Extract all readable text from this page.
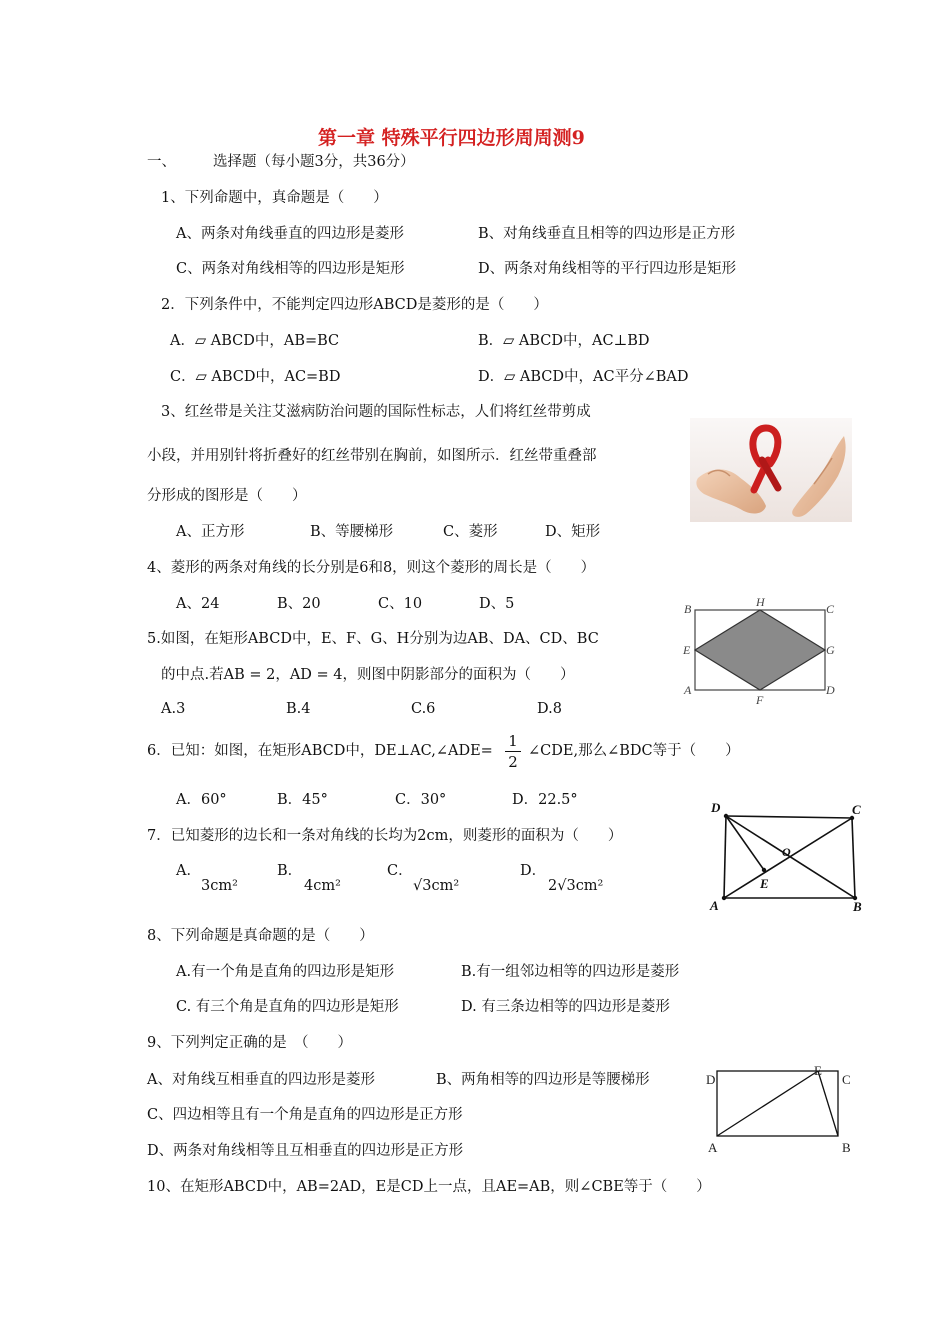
第一章 特殊平行四边形周周测9
一、	选择题（每小题3分，共36分）
1、下列命题中，真命题是（　　）
A、两条对角线垂直的四边形是菱形	B、对角线垂直且相等的四边形是正方形
C、两条对角线相等的四边形是矩形	D、两条对角线相等的平行四边形是矩形
2．下列条件中，不能判定四边形ABCD是菱形的是（　　）
A．▱ ABCD中，AB=BC	B．▱ ABCD中，AC⊥BD
C．▱ ABCD中，AC=BD	D．▱ ABCD中，AC平分∠BAD
3、红丝带是关注艾滋病防治问题的国际性标志，人们将红丝带剪成
小段，并用别针将折叠好的红丝带别在胸前，如图所示．红丝带重叠部
分形成的图形是（　　）
A、正方形	B、等腰梯形	C、菱形	D、矩形
4、菱形的两条对角线的长分别是6和8，则这个菱形的周长是（　　）
A、24	B、20	C、10	D、5
5.如图，在矩形ABCD中，E、F、G、H分别为边AB、DA、CD、BC
的中点.若AB = 2，AD = 4，则图中阴影部分的面积为（　　）
A.3	B.4	C.6	D.8
B	H	C
E	G
A
F
D
6．已知：如图，在矩形ABCD中，DE⊥AC,∠ADE=
1
2
∠CDE,那么∠BDC等于（　　）
A．60°	B．45°	C．30°	D．22.5°	D	C
O
E
A	B
7．已知菱形的边长和一条对角线的长均为2cm，则菱形的面积为（　　）
A．
3cm²
B．
4cm²
C．
√3cm²
D．
2√3cm²
8、下列命题是真命题的是（　　）
A.有一个角是直角的四边形是矩形	B.有一组邻边相等的四边形是菱形
C. 有三个角是直角的四边形是矩形	D. 有三条边相等的四边形是菱形
9、下列判定正确的是　（　　）
A、对角线互相垂直的四边形是菱形	B、两角相等的四边形是等腰梯形
C、四边相等且有一个角是直角的四边形是正方形
D、两条对角线相等且互相垂直的四边形是正方形
D
E
C
A	B
10、在矩形ABCD中，AB=2AD，E是CD上一点，且AE=AB，则∠CBE等于（　　）
